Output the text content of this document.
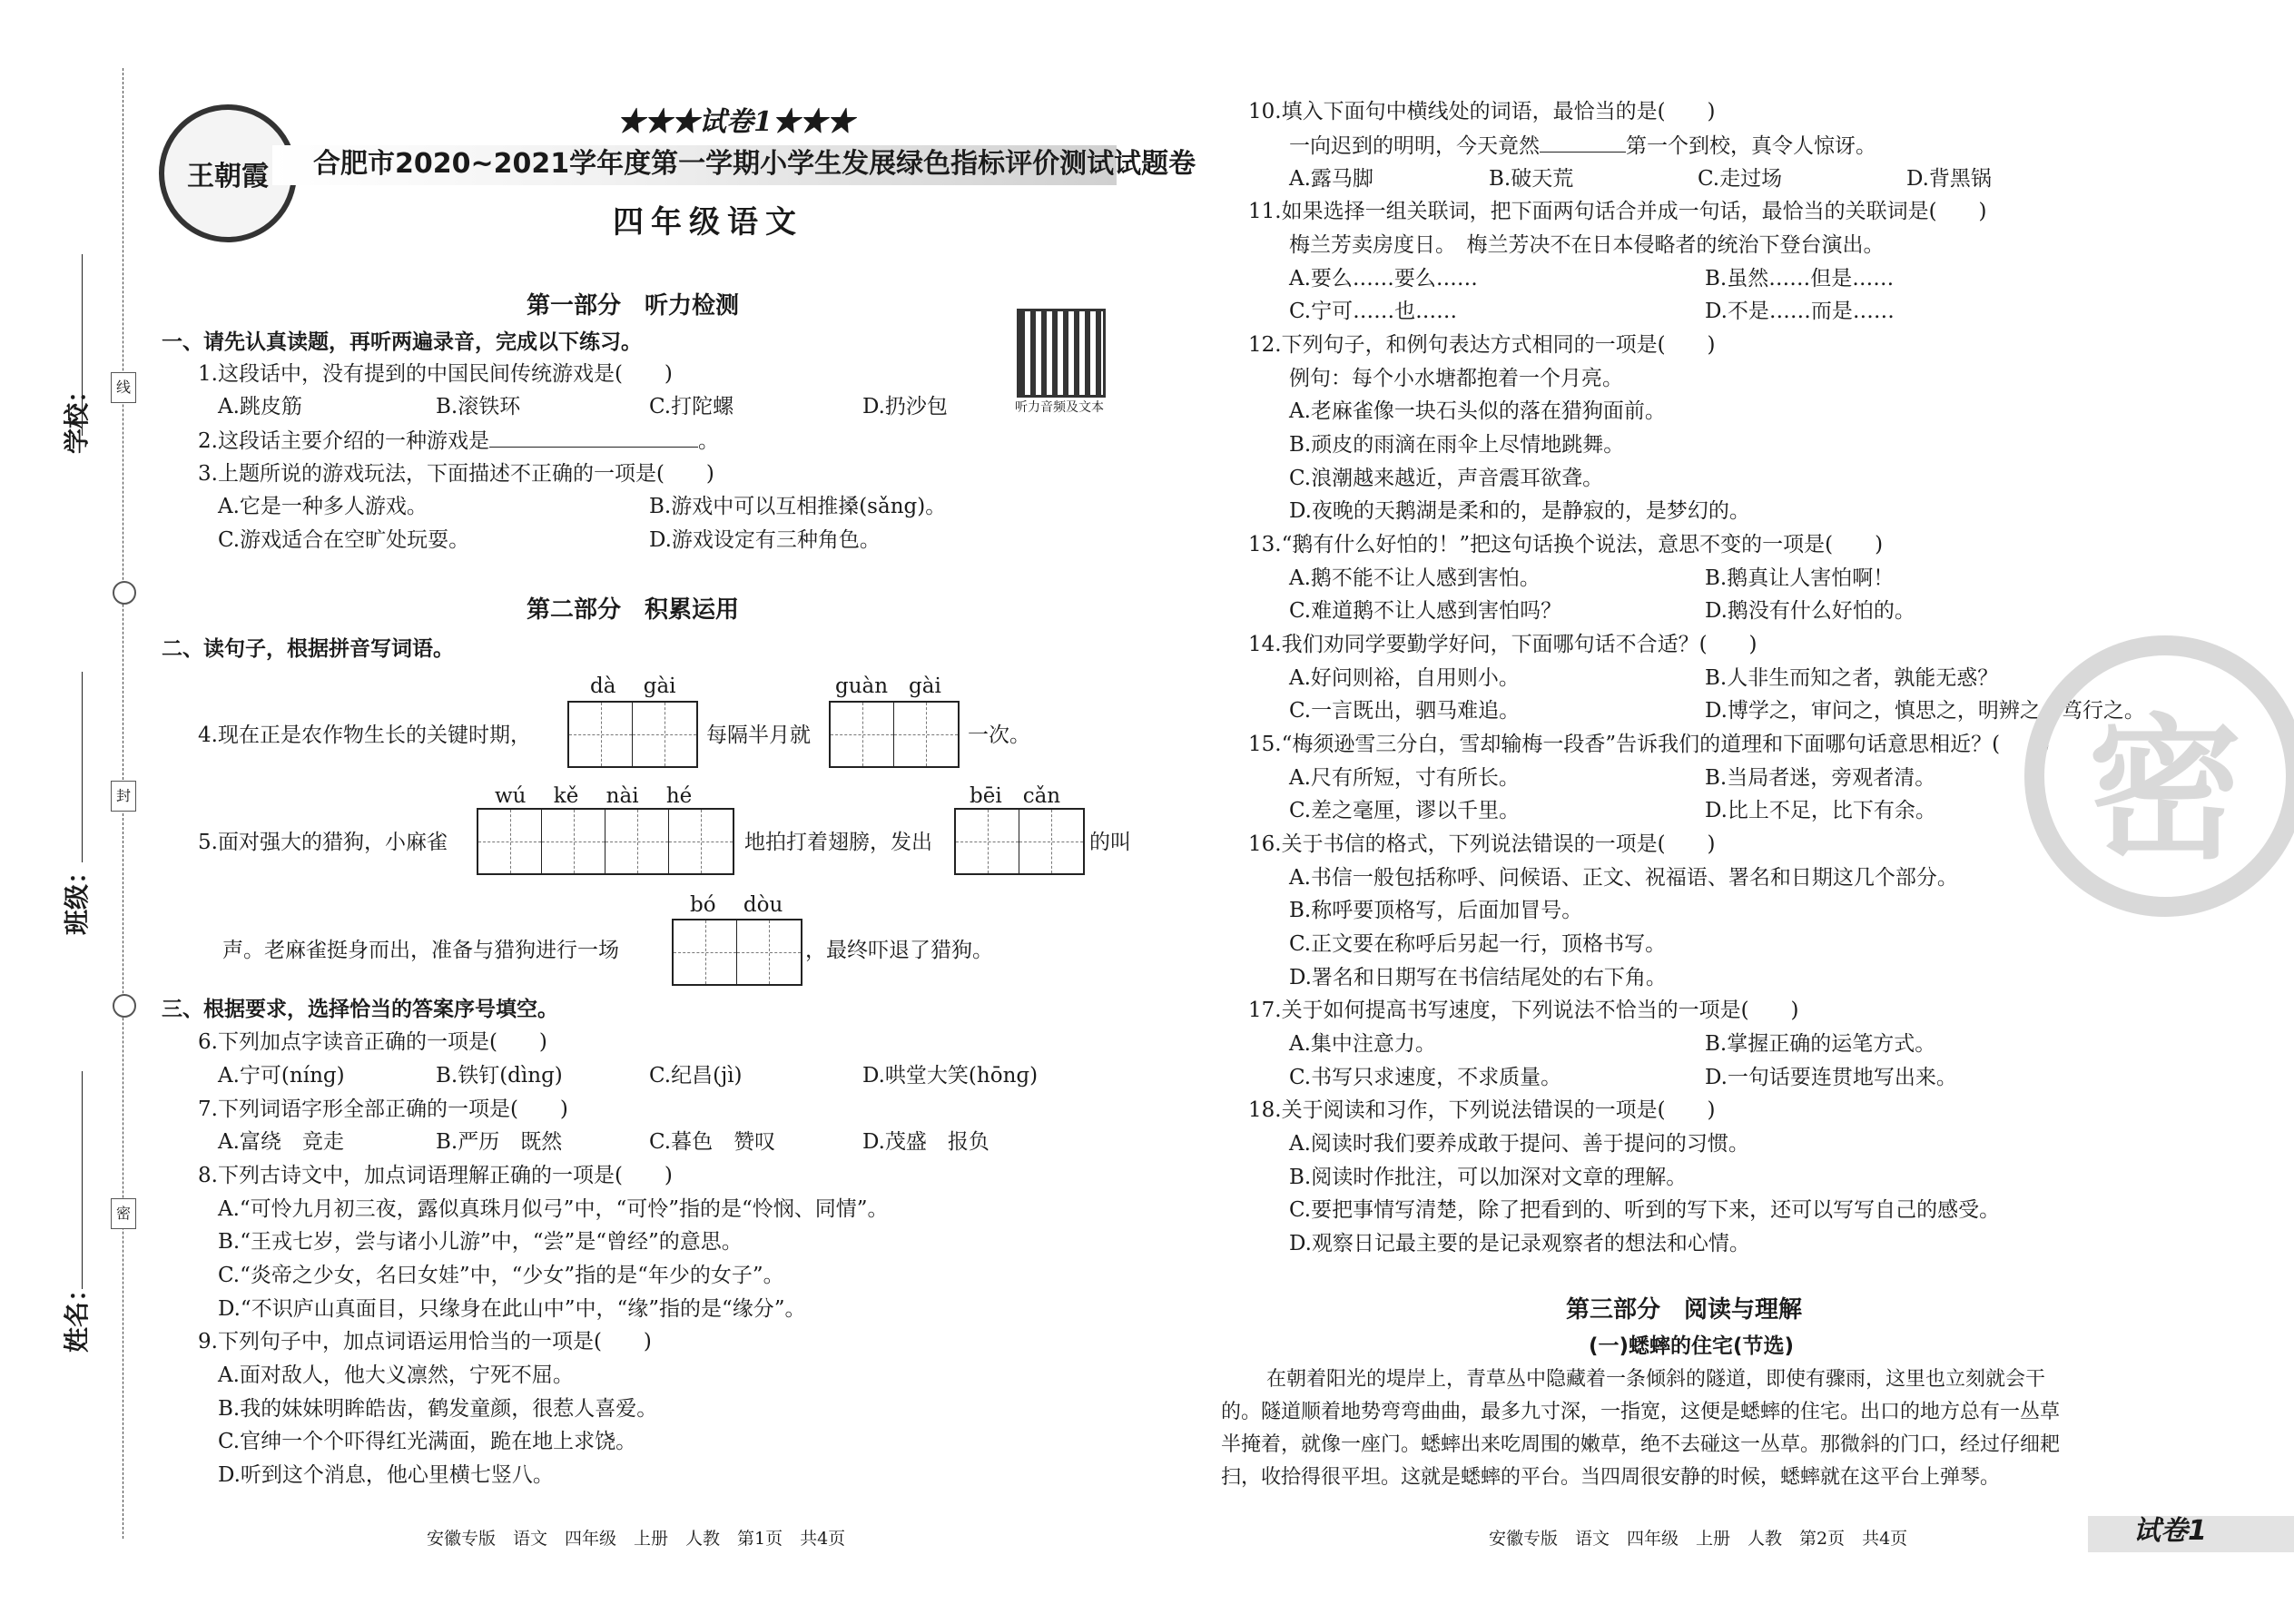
学校：
班级：
姓名：
线
封
密
王朝霞
★★★试卷1★★★
合肥市2020~2021学年度第一学期小学生发展绿色指标评价测试试题卷
四年级语文
听力音频及文本
第一部分　听力检测
一、请先认真读题，再听两遍录音，完成以下练习。
1.这段话中，没有提到的中国民间传统游戏是(　　)
A.跳皮筋	B.滚铁环	C.打陀螺	D.扔沙包
2.这段话主要介绍的一种游戏是	。
3.上题所说的游戏玩法，下面描述不正确的一项是(　　)
A.它是一种多人游戏。	B.游戏中可以互相推搡(sǎng)。
C.游戏适合在空旷处玩耍。	D.游戏设定有三种角色。
第二部分　积累运用
二、读句子，根据拼音写词语。
dà　 gài	guàn　gài
4.现在正是农作物生长的关键时期，	每隔半月就	一次。
wú　 kě　 nài　 hé	bēi　cǎn
5.面对强大的猎狗，小麻雀	地拍打着翅膀，发出	的叫
bó　 dòu
声。老麻雀挺身而出，准备与猎狗进行一场	，最终吓退了猎狗。
三、根据要求，选择恰当的答案序号填空。
6.下列加点字读音正确的一项是(　　)
A.宁可(nínɡ)	B.铁钉(dìnɡ)	C.纪昌(jì)	D.哄堂大笑(hōnɡ)
7.下列词语字形全部正确的一项是(　　)
A.富绕　竞走	B.严历　既然	C.暮色　赞叹	D.茂盛　报负
8.下列古诗文中，加点词语理解正确的一项是(　　)
A.“可怜九月初三夜，露似真珠月似弓”中，“可怜”指的是“怜悯、同情”。
B.“王戎七岁，尝与诸小儿游”中，“尝”是“曾经”的意思。
C.“炎帝之少女，名曰女娃”中，“少女”指的是“年少的女子”。
D.“不识庐山真面目，只缘身在此山中”中，“缘”指的是“缘分”。
9.下列句子中，加点词语运用恰当的一项是(　　)
A.面对敌人，他大义凛然，宁死不屈。
B.我的妹妹明眸皓齿，鹤发童颜，很惹人喜爱。
C.官绅一个个吓得红光满面，跪在地上求饶。
D.听到这个消息，他心里横七竖八。
安徽专版　语文　四年级　上册　人教　第1页　共4页
10.填入下面句中横线处的词语，最恰当的是(　　)
一向迟到的明明，今天竟然	第一个到校，真令人惊讶。
A.露马脚	B.破天荒	C.走过场	D.背黑锅
11.如果选择一组关联词，把下面两句话合并成一句话，最恰当的关联词是(　　)
梅兰芳卖房度日。　梅兰芳决不在日本侵略者的统治下登台演出。
A.要么……要么……	B.虽然……但是……
C.宁可……也……	D.不是……而是……
12.下列句子，和例句表达方式相同的一项是(　　)
例句：每个小水塘都抱着一个月亮。
A.老麻雀像一块石头似的落在猎狗面前。
B.顽皮的雨滴在雨伞上尽情地跳舞。
C.浪潮越来越近，声音震耳欲聋。
D.夜晚的天鹅湖是柔和的，是静寂的，是梦幻的。
13.“鹅有什么好怕的！”把这句话换个说法，意思不变的一项是(　　)
A.鹅不能不让人感到害怕。	B.鹅真让人害怕啊！
C.难道鹅不让人感到害怕吗？	D.鹅没有什么好怕的。
14.我们劝同学要勤学好问，下面哪句话不合适？(　　)
A.好问则裕，自用则小。	B.人非生而知之者，孰能无惑？
C.一言既出，驷马难追。	D.博学之，审问之，慎思之，明辨之，笃行之。
15.“梅须逊雪三分白，雪却输梅一段香”告诉我们的道理和下面哪句话意思相近？(　　)
A.尺有所短，寸有所长。	B.当局者迷，旁观者清。
C.差之毫厘，谬以千里。	D.比上不足，比下有余。
16.关于书信的格式，下列说法错误的一项是(　　)
A.书信一般包括称呼、问候语、正文、祝福语、署名和日期这几个部分。
B.称呼要顶格写，后面加冒号。
C.正文要在称呼后另起一行，顶格书写。
D.署名和日期写在书信结尾处的右下角。
17.关于如何提高书写速度，下列说法不恰当的一项是(　　)
A.集中注意力。	B.掌握正确的运笔方式。
C.书写只求速度，不求质量。	D.一句话要连贯地写出来。
18.关于阅读和习作，下列说法错误的一项是(　　)
A.阅读时我们要养成敢于提问、善于提问的习惯。
B.阅读时作批注，可以加深对文章的理解。
C.要把事情写清楚，除了把看到的、听到的写下来，还可以写写自己的感受。
D.观察日记最主要的是记录观察者的想法和心情。
第三部分　阅读与理解
(一)蟋蟀的住宅(节选)
在朝着阳光的堤岸上，青草丛中隐藏着一条倾斜的隧道，即使有骤雨，这里也立刻就会干
的。隧道顺着地势弯弯曲曲，最多九寸深，一指宽，这便是蟋蟀的住宅。出口的地方总有一丛草
半掩着，就像一座门。蟋蟀出来吃周围的嫩草，绝不去碰这一丛草。那微斜的门口，经过仔细耙
扫，收拾得很平坦。这就是蟋蟀的平台。当四周很安静的时候，蟋蟀就在这平台上弹琴。
密
安徽专版　语文　四年级　上册　人教　第2页　共4页	试卷1
